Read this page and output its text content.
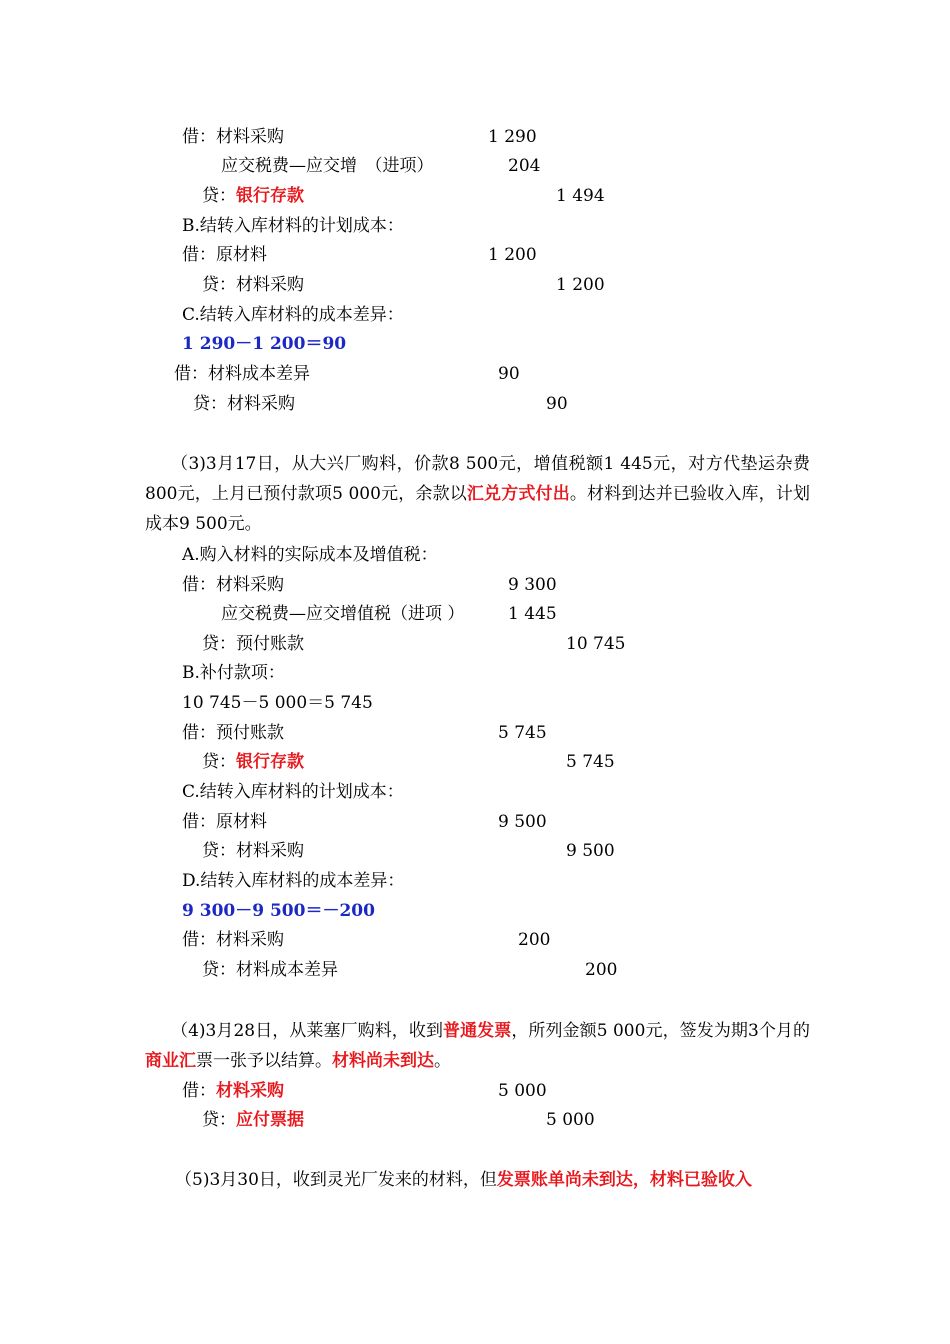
借：材料采购	1 290
应交税费—应交增　（进项）	204
贷：银行存款	1 494
B.结转入库材料的计划成本：
借：原材料	1 200
贷：材料采购	1 200
C.结转入库材料的成本差异：
1 290－1 200＝90
借：材料成本差异	90
贷：材料采购	90
（3)3月17日，从大兴厂购料，价款8 500元，增值税额1 445元，对方代垫运杂费800元，上月已预付款项5 000元，余款以汇兑方式付出。材料到达并已验收入库，计划成本9 500元。
A.购入材料的实际成本及增值税：
借：材料采购	9 300
应交税费—应交增值税（进项 ）	1 445
贷：预付账款	10 745
B.补付款项：
10 745－5 000＝5 745
借：预付账款	5 745
贷：银行存款	5 745
C.结转入库材料的计划成本：
借：原材料	9 500
贷：材料采购	9 500
D.结转入库材料的成本差异：
9 300－9 500＝－200
借：材料采购	200
贷：材料成本差异	200
（4)3月28日，从莱塞厂购料，收到普通发票，所列金额5 000元，签发为期3个月的商业汇票一张予以结算。材料尚未到达。
借：材料采购	5 000
贷：应付票据	5 000
（5)3月30日，收到灵光厂发来的材料，但发票账单尚未到达，材料已验收入
